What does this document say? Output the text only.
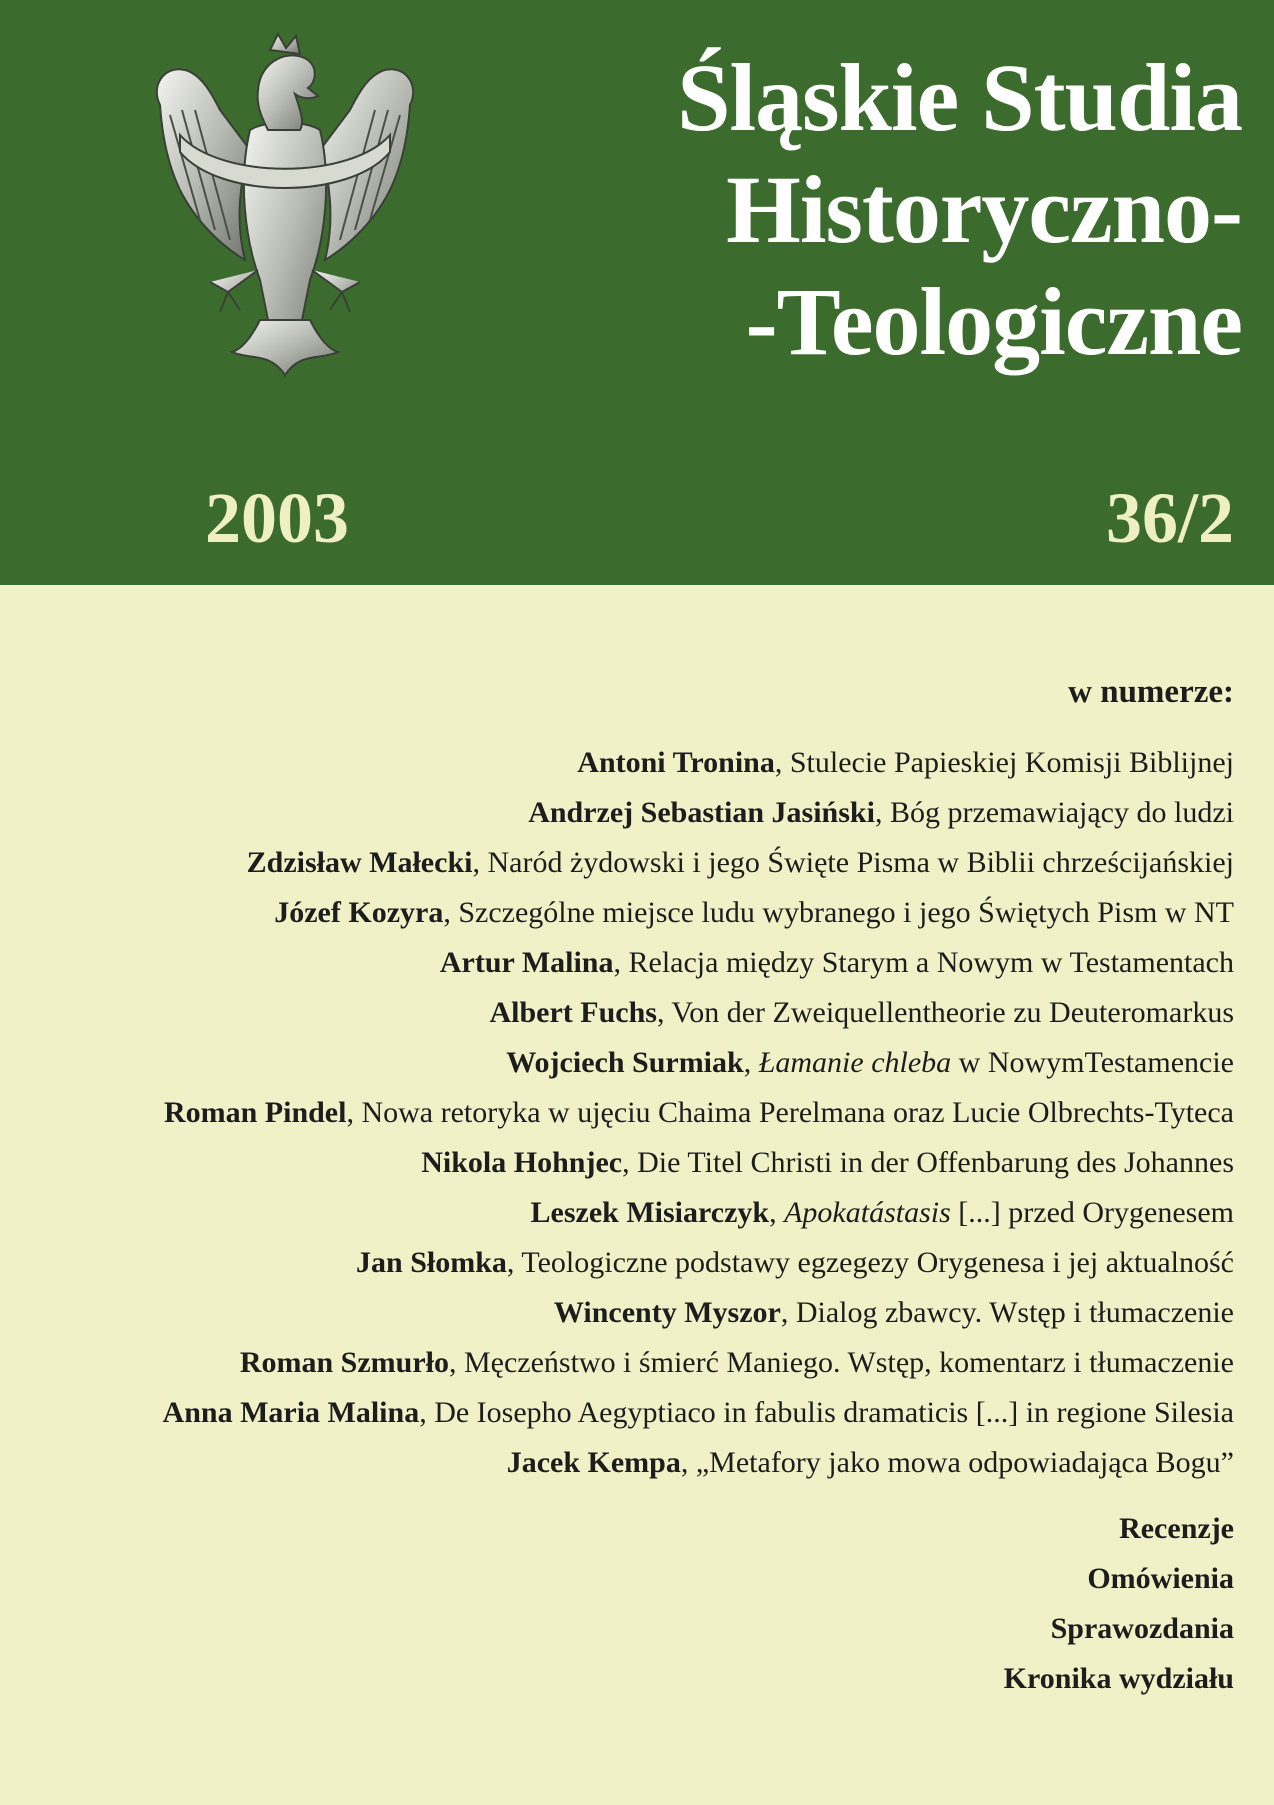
Śląskie Studia
Historyczno-
-Teologiczne
2003	36/2
w numerze:
Antoni Tronina, Stulecie Papieskiej Komisji Biblijnej
Andrzej Sebastian Jasiński, Bóg przemawiający do ludzi
Zdzisław Małecki, Naród żydowski i jego Święte Pisma w Biblii chrześcijańskiej
Józef Kozyra, Szczególne miejsce ludu wybranego i jego Świętych Pism w NT
Artur Malina, Relacja między Starym a Nowym w Testamentach
Albert Fuchs, Von der Zweiquellentheorie zu Deuteromarkus
Wojciech Surmiak, Łamanie chleba w NowymTestamencie
Roman Pindel, Nowa retoryka w ujęciu Chaima Perelmana oraz Lucie Olbrechts-Tyteca
Nikola Hohnjec, Die Titel Christi in der Offenbarung des Johannes
Leszek Misiarczyk, Apokatástasis [...] przed Orygenesem
Jan Słomka, Teologiczne podstawy egzegezy Orygenesa i jej aktualność
Wincenty Myszor, Dialog zbawcy. Wstęp i tłumaczenie
Roman Szmurło, Męczeństwo i śmierć Maniego. Wstęp, komentarz i tłumaczenie
Anna Maria Malina, De Iosepho Aegyptiaco in fabulis dramaticis [...] in regione Silesia
Jacek Kempa, „Metafory jako mowa odpowiadająca Bogu”
Recenzje
Omówienia
Sprawozdania
Kronika wydziału
